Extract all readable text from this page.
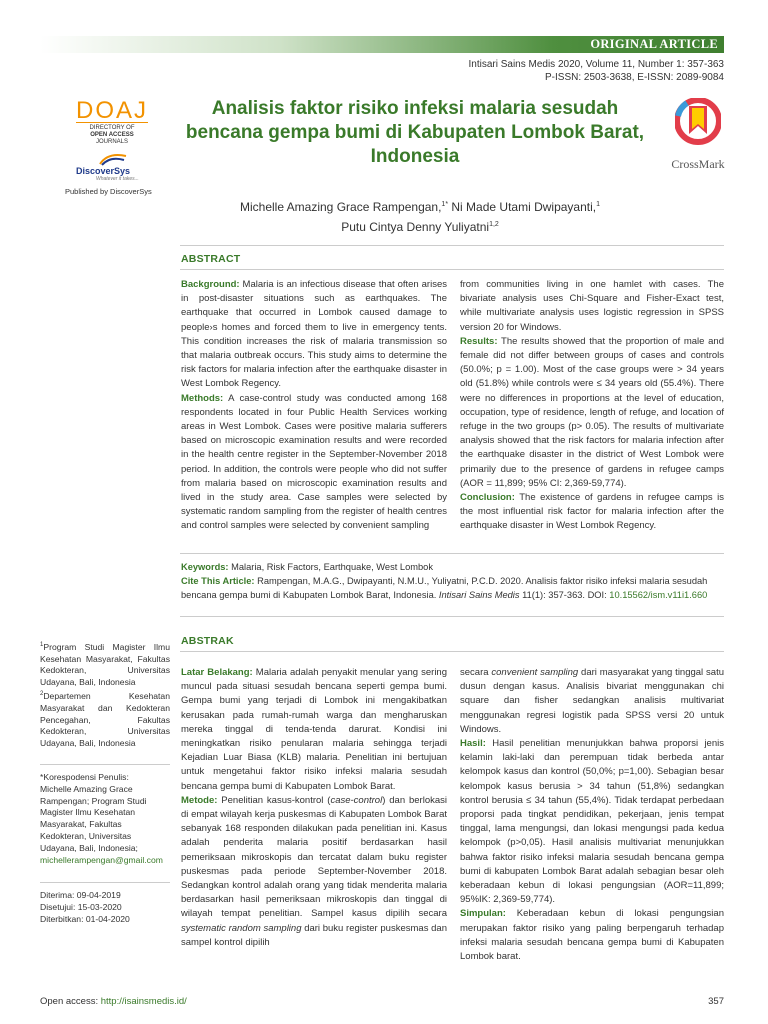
ORIGINAL ARTICLE
Intisari Sains Medis 2020, Volume 11, Number 1: 357-363
P-ISSN: 2503-3638, E-ISSN: 2089-9084
DOAJ
DIRECTORY OF
OPEN ACCESS
JOURNALS
DiscoverSys
Whatever it takes...
Published by DiscoverSys
Analisis faktor risiko infeksi malaria sesudah bencana gempa bumi di Kabupaten Lombok Barat, Indonesia	CrossMark
Michelle Amazing Grace Rampengan,$^{1*}$ Ni Made Utami Dwipayanti,$^1$
Putu Cintya Denny Yuliyatni$^{1,2}$
ABSTRACT

Background: Malaria is an infectious disease that often arises in post-disaster situations such as earthquakes. The earthquake that occurred in Lombok caused damage to people›s homes and forced them to live in emergency tents. This condition increases the risk of malaria transmission so that malaria outbreak occurs. This study aims to determine the risk factors for malaria infection after the earthquake disaster in West Lombok Regency.

Methods: A case-control study was conducted among 168 respondents located in four Public Health Services working areas in West Lombok. Cases were positive malaria sufferers based on microscopic examination results and were recorded in the health centre register in the September-November 2018 period. In addition, the controls were people who did not suffer from malaria based on microscopic examination results and lived in the study area. Case samples were selected by systematic random sampling from the register of health centres and control samples were selected by convenient sampling

from communities living in one hamlet with cases. The bivariate analysis uses Chi-Square and Fisher-Exact test, while multivariate analysis uses logistic regression in SPSS version 20 for Windows.

Results: The results showed that the proportion of male and female did not differ between groups of cases and controls (50.0%; p = 1.00). Most of the case groups were > 34 years old (51.8%) while controls were ≤ 34 years old (55.4%). There were no differences in proportions at the level of education, occupation, type of residence, length of refuge, and location of refuge in the two groups (p> 0.05). The results of multivariate analysis showed that the risk factors for malaria infection after the earthquake disaster in the district of West Lombok were primarily due to the presence of gardens in refugee camps (AOR = 11,899; 95% CI: 2,369-59,774).

Conclusion: The existence of gardens in refugee camps is the most influential risk factor for malaria infection after the earthquake disaster in West Lombok Regency.

Keywords: Malaria, Risk Factors, Earthquake, West Lombok

Cite This Article: Rampengan, M.A.G., Dwipayanti, N.M.U., Yuliyatni, P.C.D. 2020. Analisis faktor risiko infeksi malaria sesudah bencana gempa bumi di Kabupaten Lombok Barat, Indonesia. Intisari Sains Medis 11(1): 357-363. DOI: 10.15562/ism.v11i1.660

ABSTRAK

Latar Belakang: Malaria adalah penyakit menular yang sering muncul pada situasi sesudah bencana seperti gempa bumi. Gempa bumi yang terjadi di Lombok ini mengakibatkan kerusakan pada rumah-rumah warga dan mengharuskan mereka tinggal di tenda-tenda darurat. Kondisi ini meningkatkan risiko penularan malaria sehingga terjadi Kejadian Luar Biasa (KLB) malaria. Penelitian ini bertujuan untuk mengetahui faktor risiko infeksi malaria sesudah bencana gempa bumi di Kabupaten Lombok Barat.

Metode: Penelitian kasus-kontrol (case-control) dan berlokasi di empat wilayah kerja puskesmas di Kabupaten Lombok Barat sebanyak 168 responden dilakukan pada penelitian ini. Kasus adalah penderita malaria positif berdasarkan hasil pemeriksaan mikroskopis dan tercatat dalam buku register puskesmas pada periode September-November 2018. Sedangkan kontrol adalah orang yang tidak menderita malaria berdasarkan hasil pemeriksaan mikroskopis dan tinggal di wilayah tempat penelitian. Sampel kasus dipilih secara systematic random sampling dari buku register puskesmas dan sampel kontrol dipilih

secara convenient sampling dari masyarakat yang tinggal satu dusun dengan kasus. Analisis bivariat menggunakan chi square dan fisher sedangkan analisis multivariat menggunakan regresi logistik pada SPSS versi 20 untuk Windows.

Hasil: Hasil penelitian menunjukkan bahwa proporsi jenis kelamin laki-laki dan perempuan tidak berbeda antar kelompok kasus dan kontrol (50,0%; p=1,00). Sebagian besar kelompok kasus berusia > 34 tahun (51,8%) sedangkan kontrol berusia ≤ 34 tahun (55,4%). Tidak terdapat perbedaan proporsi pada tingkat pendidikan, pekerjaan, jenis tempat tinggal, lama mengungsi, dan lokasi mengungsi pada kedua kelompok (p>0,05). Hasil analisis multivariat menunjukkan bahwa faktor risiko infeksi malaria sesudah bencana gempa bumi di kabupaten Lombok Barat adalah sebagian besar oleh keberadaan kebun di lokasi pengungsian (AOR=11,899; 95%IK: 2,369-59,774).

Simpulan: Keberadaan kebun di lokasi pengungsian merupakan faktor risiko yang paling berpengaruh terhadap infeksi malaria sesudah bencana gempa bumi di Kabupaten Lombok barat.

$^1$Program Studi Magister Ilmu Kesehatan Masyarakat, Fakultas Kedokteran, Universitas Udayana, Bali, Indonesia

$^2$Departemen Kesehatan Masyarakat dan Kedokteran Pencegahan, Fakultas Kedokteran, Universitas Udayana, Bali, Indonesia

*Korespodensi Penulis:

Michelle Amazing Grace Rampengan; Program Studi Magister Ilmu Kesehatan Masyarakat, Fakultas Kedokteran, Universitas Udayana, Bali, Indonesia;

michellerampengan@gmail.com

Diterima: 09-04-2019

Disetujui: 15-03-2020

Diterbitkan: 01-04-2020

Open access: http://isainsmedis.id/	357
